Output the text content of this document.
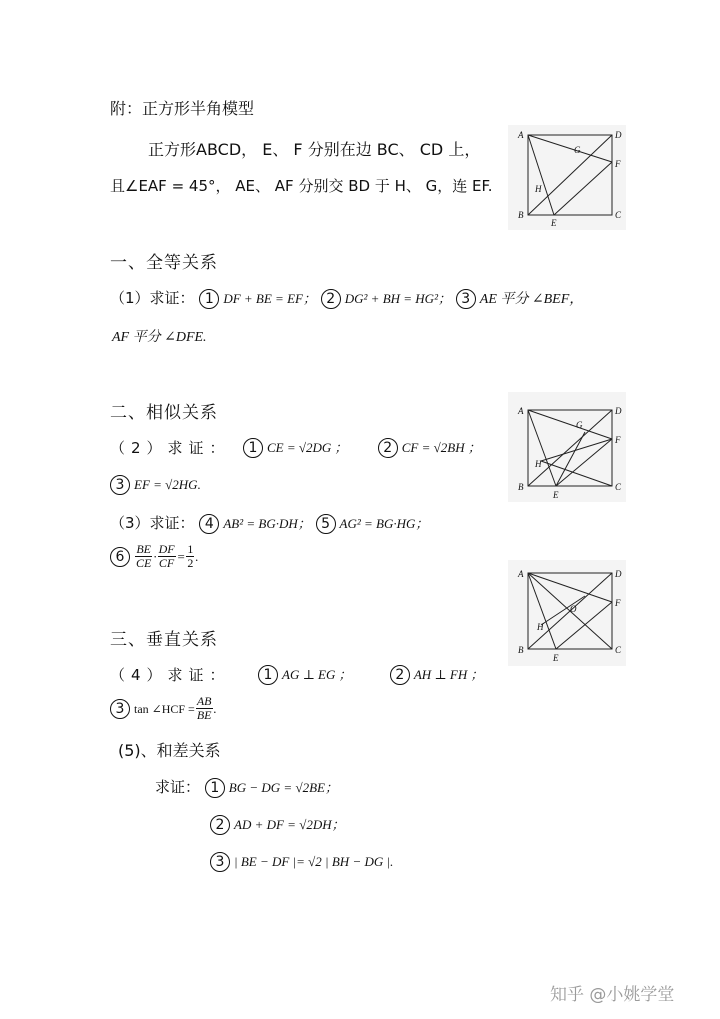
附：正方形半角模型
正方形ABCD， E、 F 分别在边 BC、 CD 上，
且∠EAF = 45°， AE、 AF 分别交 BD 于 H、 G，连 EF.
A	D
G
F
H
B
E
C
一、全等关系
（1）求证： 1 DF + BE = EF； 2 DG² + BH = HG²； 3 AE 平分 ∠BEF，
AF 平分 ∠DFE.
二、相似关系
（2）求证：	1 CE = √2DG ；	2 CF = √2BH ；
3 EF = √2HG.
（3）求证： 4 AB² = BG·DH； 5 AG² = BG·HG；
$6 \frac{BE}{CE} \cdot \frac{DF}{CF} = \frac{1}{2}$ .
A	D
G
F
H
B
E
C
A	D
O
F
H
B
E
C
三、垂直关系
（4）求证：	1 AG ⊥ EG ；	2 AH ⊥ FH ；
3 tan ∠HCF = $\frac{AB}{BE}$ .
(5)、和差关系
求证： 1 BG − DG = √2BE；
2 AD + DF = √2DH；
3 | BE − DF |= √2 | BH − DG |.
知乎 @小姚学堂
